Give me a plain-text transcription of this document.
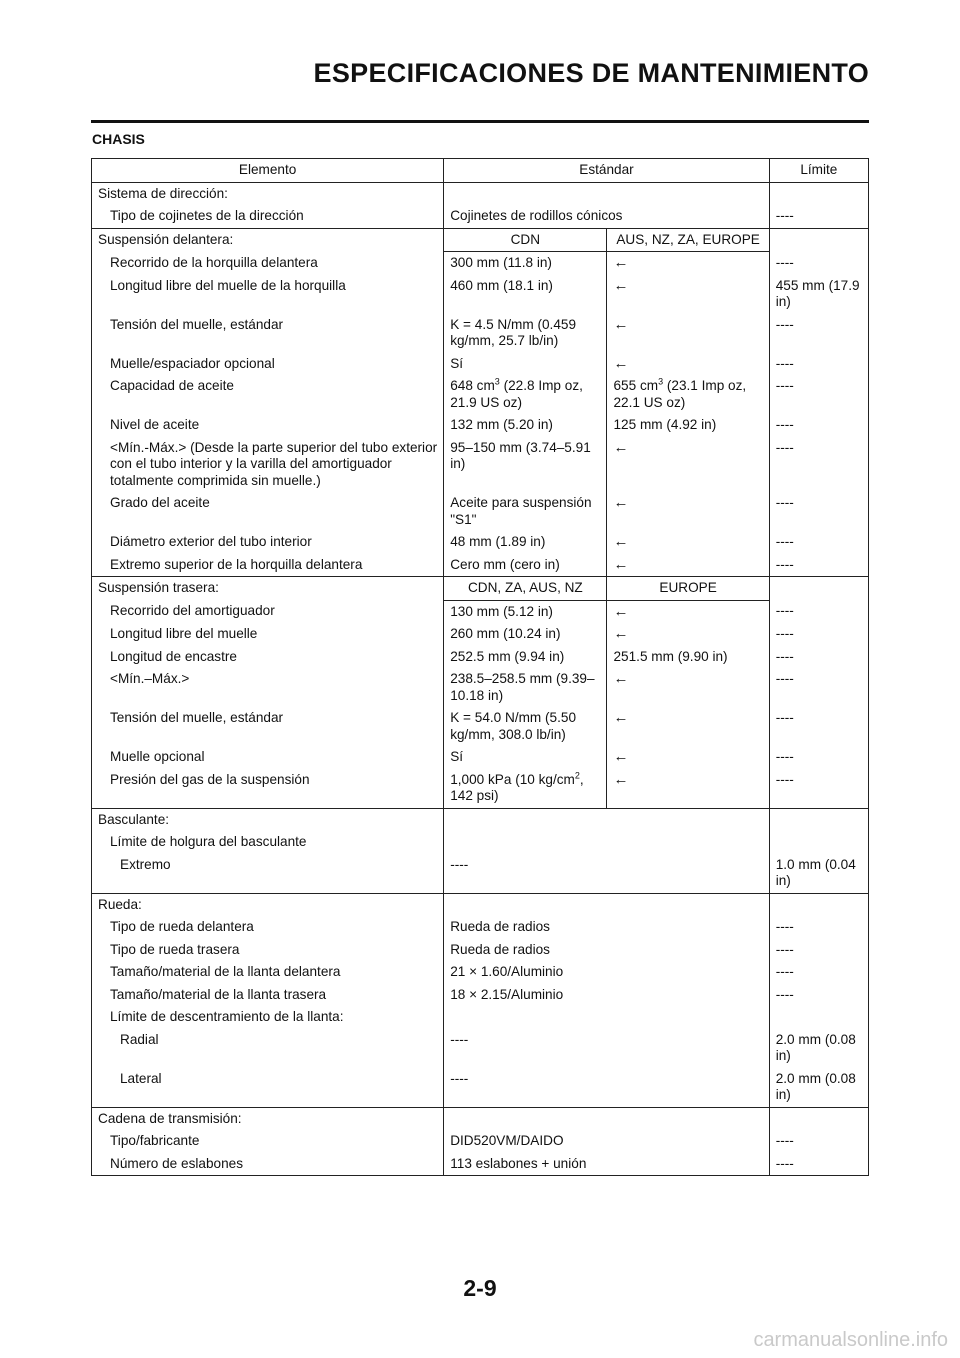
ESPECIFICACIONES DE MANTENIMIENTO
CHASIS
Elemento	Estándar		Límite
Sistema de dirección:			
Tipo de cojinetes de la dirección	Cojinetes de rodillos cónicos		----
Suspensión delantera:	CDN	AUS, NZ, ZA, EUROPE	
Recorrido de la horquilla delantera	300 mm (11.8 in)	←	----
Longitud libre del muelle de la horquilla	460 mm (18.1 in)	←	455 mm (17.9 in)
Tensión del muelle, estándar	K = 4.5 N/mm (0.459 kg/mm, 25.7 lb/in)	←	----
Muelle/espaciador opcional	Sí	←	----
Capacidad de aceite	648 $cm^3$ (22.8 Imp oz, 21.9 US oz)	655 $cm^3$ (23.1 Imp oz, 22.1 US oz)	----
Nivel de aceite	132 mm (5.20 in)	125 mm (4.92 in)	----
<Mín.-Máx.> (Desde la parte superior del tubo exterior con el tubo interior y la varilla del amortiguador totalmente comprimida sin muelle.)	95–150 mm (3.74–5.91 in)	←	----
Grado del aceite	Aceite para suspensión "S1"	←	----
Diámetro exterior del tubo interior	48 mm (1.89 in)	←	----
Extremo superior de la horquilla delantera	Cero mm (cero in)	←	----
Suspensión trasera:	CDN, ZA, AUS, NZ	EUROPE	
Recorrido del amortiguador	130 mm (5.12 in)	←	----
Longitud libre del muelle	260 mm (10.24 in)	←	----
Longitud de encastre	252.5 mm (9.94 in)	251.5 mm (9.90 in)	----
<Mín.–Máx.>	238.5–258.5 mm (9.39–10.18 in)	←	----
Tensión del muelle, estándar	K = 54.0 N/mm (5.50 kg/mm, 308.0 lb/in)	←	----
Muelle opcional	Sí	←	----
Presión del gas de la suspensión	1,000 kPa (10 $kg/cm^2$, 142 psi)	←	----
Basculante:			
Límite de holgura del basculante			
Extremo	----		1.0 mm (0.04 in)
Rueda:			
Tipo de rueda delantera	Rueda de radios		----
Tipo de rueda trasera	Rueda de radios		----
Tamaño/material de la llanta delantera	21 × 1.60/Aluminio		----
Tamaño/material de la llanta trasera	18 × 2.15/Aluminio		----
Límite de descentramiento de la llanta:			
Radial	----		2.0 mm (0.08 in)
Lateral	----		2.0 mm (0.08 in)
Cadena de transmisión:			
Tipo/fabricante	DID520VM/DAIDO		----
Número de eslabones	113 eslabones + unión		----
2-9
carmanualsonline.info
